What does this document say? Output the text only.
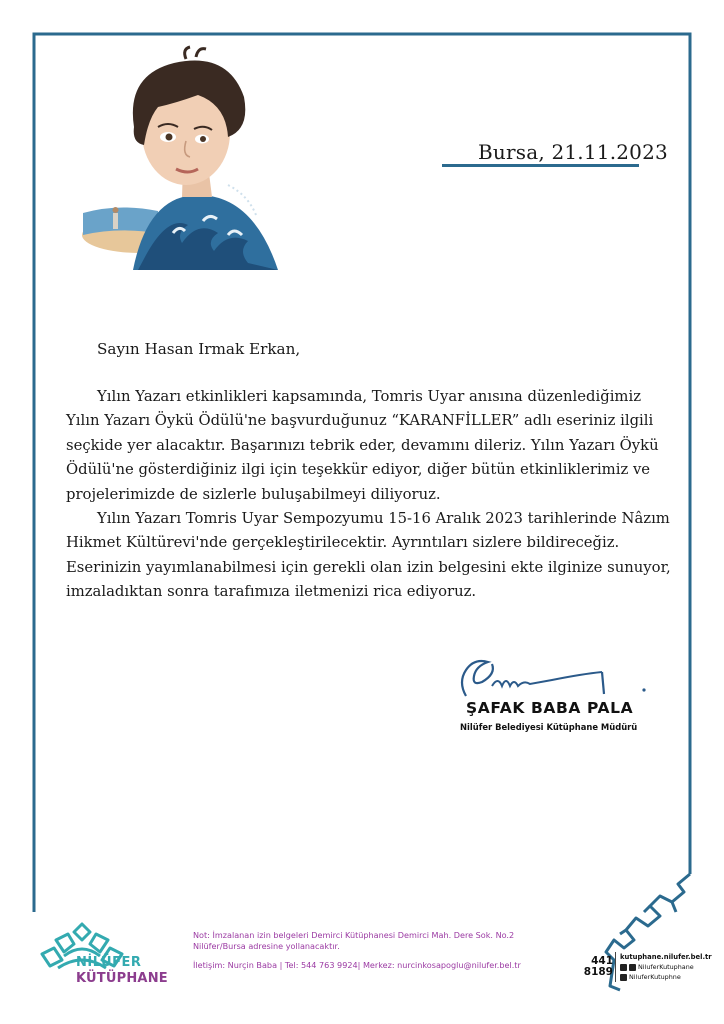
Bursa, 21.11.2023
Sayın Hasan Irmak Erkan,

Yılın Yazarı etkinlikleri kapsamında, Tomris Uyar anısına düzenlediğimiz Yılın Yazarı Öykü Ödülü'ne başvurduğunuz “KARANFİLLER” adlı eseriniz ilgili seçkide yer alacaktır. Başarınızı tebrik eder, devamını dileriz. Yılın Yazarı Öykü Ödülü'ne gösterdiğiniz ilgi için teşekkür ediyor, diğer bütün etkinliklerimiz ve projelerimizde de sizlerle buluşabilmeyi diliyoruz.

Yılın Yazarı Tomris Uyar Sempozyumu 15-16 Aralık 2023 tarihlerinde Nâzım Hikmet Kültürevi'nde gerçekleştirilecektir. Ayrıntıları sizlere bildireceğiz. Eserinizin yayımlanabilmesi için gerekli olan izin belgesini ekte ilginize sunuyor, imzaladıktan sonra tarafımıza iletmenizi rica ediyoruz.

ŞAFAK BABA PALA
Nilüfer Belediyesi Kütüphane Müdürü
NİLÜFER
KÜTÜPHANE
Not: İmzalanan izin belgeleri Demirci Kütüphanesi Demirci Mah. Dere Sok. No.2 Nilüfer/Bursa adresine yollanacaktır.
İletişim: Nurçin Baba | Tel: 544 763 9924| Merkez: nurcinkosapoglu@nilufer.bel.tr	441
8189
kutuphane.nilufer.bel.tr
NiluferKutuphane
NiluferKutuphne
